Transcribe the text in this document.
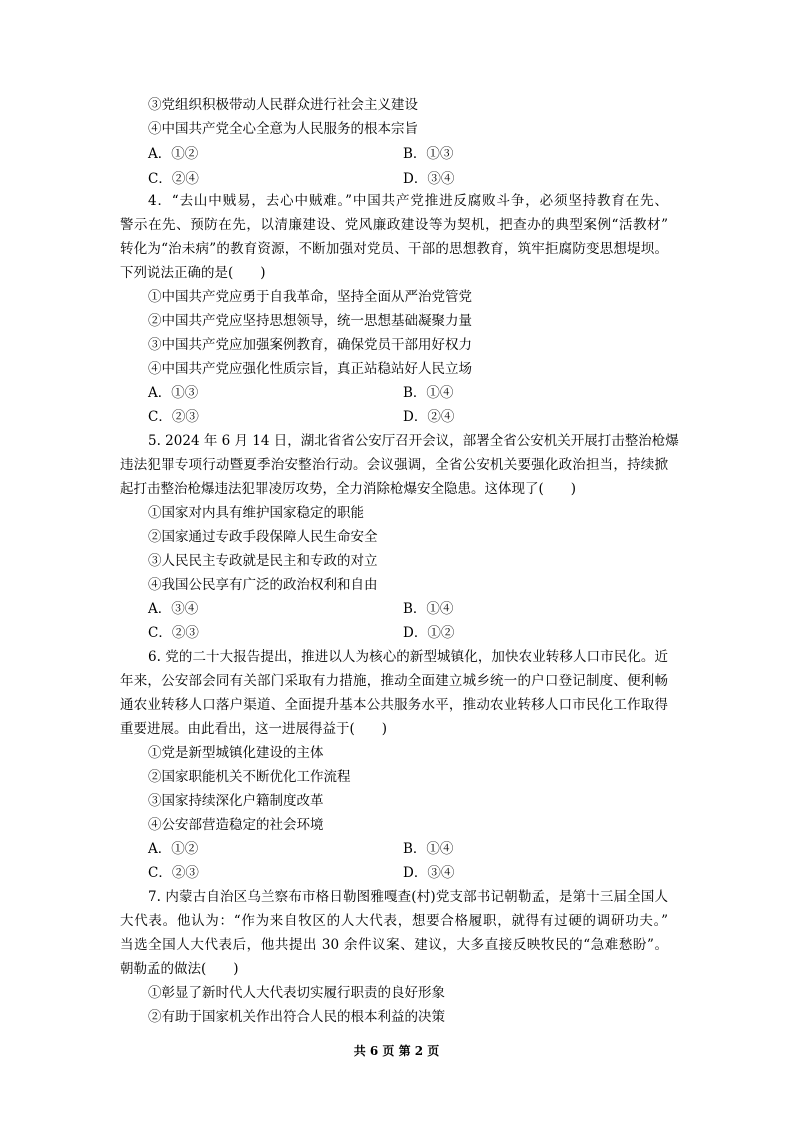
③党组织积极带动人民群众进行社会主义建设
④中国共产党全心全意为人民服务的根本宗旨
A．①②	B．①③
C．②④	D．③④
4．“去山中贼易，去心中贼难。”中国共产党推进反腐败斗争，必须坚持教育在先、
警示在先、预防在先，以清廉建设、党风廉政建设等为契机，把查办的典型案例“活教材”
转化为“治未病”的教育资源，不断加强对党员、干部的思想教育，筑牢拒腐防变思想堤坝。
下列说法正确的是(　　)
①中国共产党应勇于自我革命，坚持全面从严治党管党
②中国共产党应坚持思想领导，统一思想基础凝聚力量
③中国共产党应加强案例教育，确保党员干部用好权力
④中国共产党应强化性质宗旨，真正站稳站好人民立场
A．①③	B．①④
C．②③	D．②④
5. 2024 年 6 月 14 日，湖北省省公安厅召开会议，部署全省公安机关开展打击整治枪爆
违法犯罪专项行动暨夏季治安整治行动。会议强调，全省公安机关要强化政治担当，持续掀
起打击整治枪爆违法犯罪凌厉攻势，全力消除枪爆安全隐患。这体现了(　　)
①国家对内具有维护国家稳定的职能
②国家通过专政手段保障人民生命安全
③人民民主专政就是民主和专政的对立
④我国公民享有广泛的政治权利和自由
A．③④	B．①④
C．②③	D．①②
6. 党的二十大报告提出，推进以人为核心的新型城镇化，加快农业转移人口市民化。近
年来，公安部会同有关部门采取有力措施，推动全面建立城乡统一的户口登记制度、便利畅
通农业转移人口落户渠道、全面提升基本公共服务水平，推动农业转移人口市民化工作取得
重要进展。由此看出，这一进展得益于(　　)
①党是新型城镇化建设的主体
②国家职能机关不断优化工作流程
③国家持续深化户籍制度改革
④公安部营造稳定的社会环境
A．①②	B．①④
C．②③	D．③④
7. 内蒙古自治区乌兰察布市格日勒图雅嘎查(村)党支部书记朝勒孟，是第十三届全国人
大代表。他认为：“作为来自牧区的人大代表，想要合格履职，就得有过硬的调研功夫。”
当选全国人大代表后，他共提出 30 余件议案、建议，大多直接反映牧民的“急难愁盼”。
朝勒孟的做法(　　)
①彰显了新时代人大代表切实履行职责的良好形象
②有助于国家机关作出符合人民的根本利益的决策
共 6 页 第 2 页
